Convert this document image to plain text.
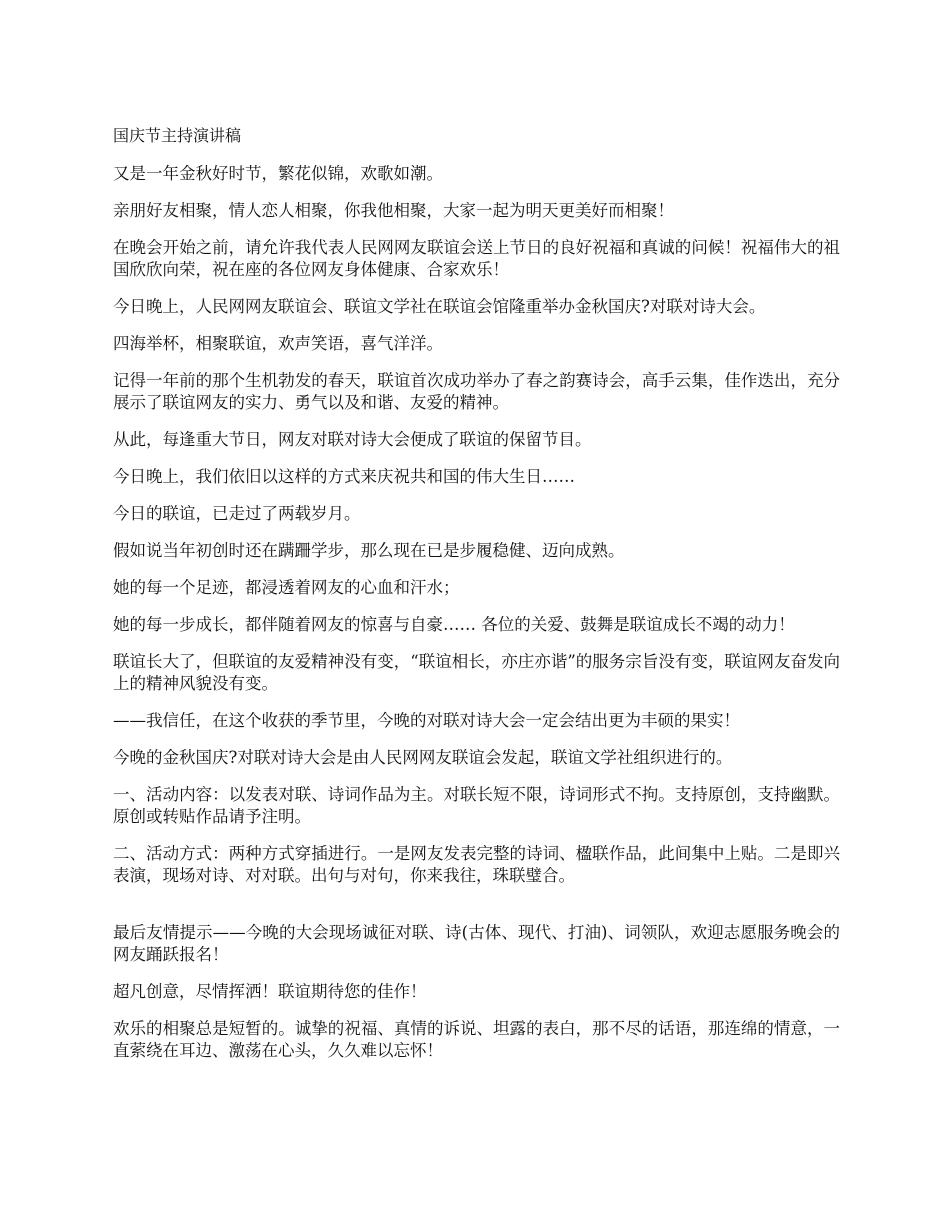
国庆节主持演讲稿

又是一年金秋好时节，繁花似锦，欢歌如潮。

亲朋好友相聚，情人恋人相聚，你我他相聚，大家一起为明天更美好而相聚！

在晚会开始之前，请允许我代表人民网网友联谊会送上节日的良好祝福和真诚的问候！祝福伟大的祖国欣欣向荣，祝在座的各位网友身体健康、合家欢乐！

今日晚上，人民网网友联谊会、联谊文学社在联谊会馆隆重举办金秋国庆?对联对诗大会。

四海举杯，相聚联谊，欢声笑语，喜气洋洋。

记得一年前的那个生机勃发的春天，联谊首次成功举办了春之韵赛诗会，高手云集，佳作迭出，充分展示了联谊网友的实力、勇气以及和谐、友爱的精神。

从此，每逢重大节日，网友对联对诗大会便成了联谊的保留节目。

今日晚上，我们依旧以这样的方式来庆祝共和国的伟大生日……

今日的联谊，已走过了两载岁月。

假如说当年初创时还在蹒跚学步，那么现在已是步履稳健、迈向成熟。

她的每一个足迹，都浸透着网友的心血和汗水；

她的每一步成长，都伴随着网友的惊喜与自豪…… 各位的关爱、鼓舞是联谊成长不竭的动力！

联谊长大了，但联谊的友爱精神没有变，“联谊相长，亦庄亦谐”的服务宗旨没有变，联谊网友奋发向上的精神风貌没有变。

——我信任，在这个收获的季节里，今晚的对联对诗大会一定会结出更为丰硕的果实！

今晚的金秋国庆?对联对诗大会是由人民网网友联谊会发起，联谊文学社组织进行的。

一、活动内容：以发表对联、诗词作品为主。对联长短不限，诗词形式不拘。支持原创，支持幽默。原创或转贴作品请予注明。

二、活动方式：两种方式穿插进行。一是网友发表完整的诗词、楹联作品，此间集中上贴。二是即兴表演，现场对诗、对对联。出句与对句，你来我往，珠联璧合。

最后友情提示——今晚的大会现场诚征对联、诗(古体、现代、打油)、词领队，欢迎志愿服务晚会的网友踊跃报名！

超凡创意，尽情挥洒！联谊期待您的佳作！

欢乐的相聚总是短暂的。诚挚的祝福、真情的诉说、坦露的表白，那不尽的话语，那连绵的情意，一直萦绕在耳边、激荡在心头，久久难以忘怀！
